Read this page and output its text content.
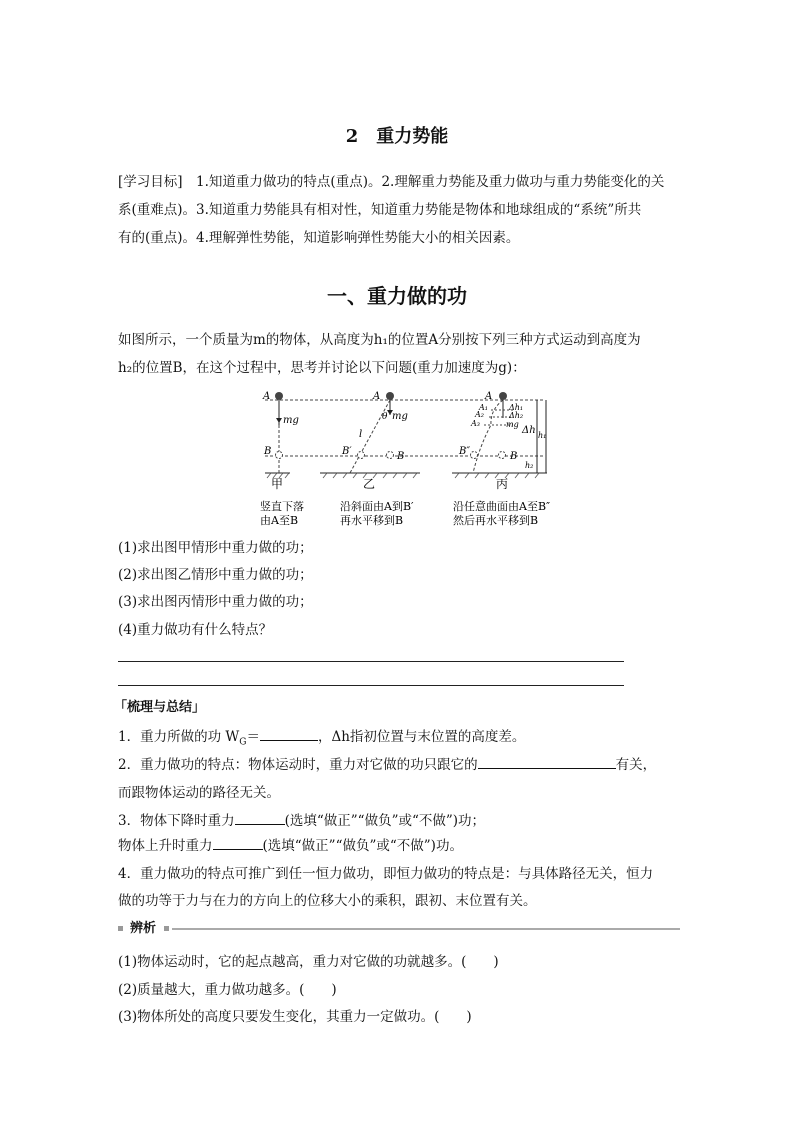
2　重力势能
[学习目标]　 1.知道重力做功的特点(重点)。2.理解重力势能及重力做功与重力势能变化的关
系(重难点)。3.知道重力势能具有相对性，知道重力势能是物体和地球组成的“系统”所共
有的(重点)。4.理解弹性势能，知道影响弹性势能大小的相关因素。
一、重力做的功
如图所示，一个质量为m的物体，从高度为h₁的位置A分别按下列三种方式运动到高度为
h₂的位置B，在这个过程中，思考并讨论以下问题(重力加速度为g)：
A
mg
B
甲
A
θ mg
l
B′	B
乙
A
A₁
A₂
A₃
Δh₁
Δh₂
mg
Δh h₁
h₂
B″	B
丙
竖直下落
由A至B
沿斜面由A到B′
再水平移到B
沿任意曲面由A至B″
然后再水平移到B
(1)求出图甲情形中重力做的功；
(2)求出图乙情形中重力做的功；
(3)求出图丙情形中重力做的功；
(4)重力做功有什么特点？
「梳理与总结」
1．重力所做的功 $W_G=$	，Δh指初位置与末位置的高度差。
2．重力做功的特点：物体运动时，重力对它做的功只跟它的	有关，
而跟物体运动的路径无关。
3．物体下降时重力	(选填“做正”“做负”或“不做”)功；
物体上升时重力	(选填“做正”“做负”或“不做”)功。
4．重力做功的特点可推广到任一恒力做功，即恒力做功的特点是：与具体路径无关，恒力
做的功等于力与在力的方向上的位移大小的乘积，跟初、末位置有关。
辨析
(1)物体运动时，它的起点越高，重力对它做的功就越多。(　　)
(2)质量越大，重力做功越多。(　　)
(3)物体所处的高度只要发生变化，其重力一定做功。(　　)
